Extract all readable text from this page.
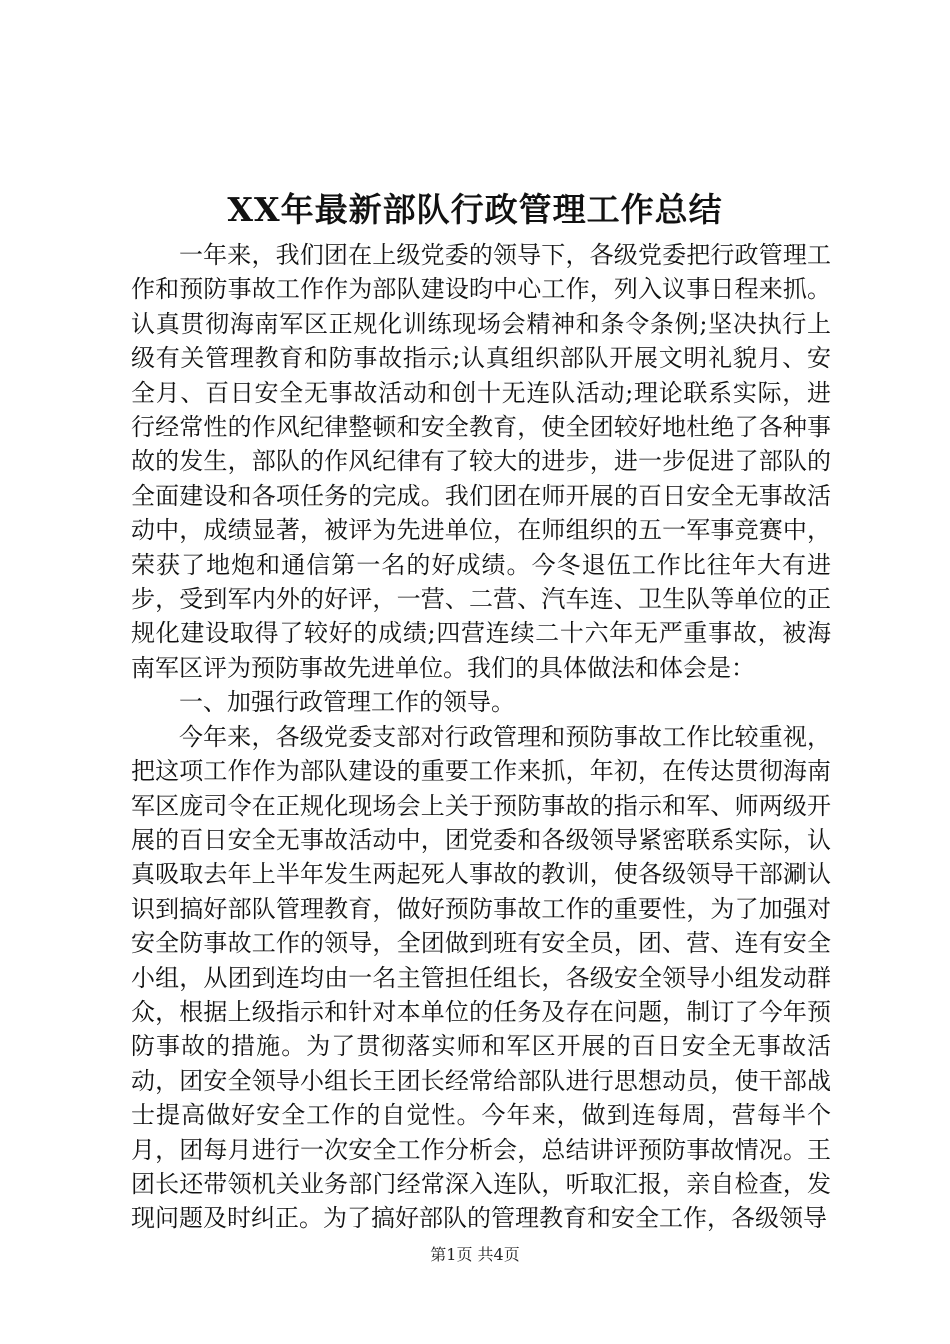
XX年最新部队行政管理工作总结

一年来，我们团在上级党委的领导下，各级党委把行政管理工作和预防事故工作作为部队建设昀中心工作，列入议事日程来抓。认真贯彻海南军区正规化训练现场会精神和条令条例;坚决执行上级有关管理教育和防事故指示;认真组织部队开展文明礼貌月、安全月、百日安全无事故活动和创十无连队活动;理论联系实际，进行经常性的作风纪律整顿和安全教育，使全团较好地杜绝了各种事故的发生，部队的作风纪律有了较大的进步，进一步促进了部队的全面建设和各项任务的完成。我们团在师开展的百日安全无事故活动中，成绩显著，被评为先进单位，在师组织的五一军事竞赛中，荣获了地炮和通信第一名的好成绩。今冬退伍工作比往年大有进步，受到军内外的好评，一营、二营、汽车连、卫生队等单位的正规化建设取得了较好的成绩;四营连续二十六年无严重事故，被海南军区评为预防事故先进单位。我们的具体做法和体会是：

一、加强行政管理工作的领导。

今年来，各级党委支部对行政管理和预防事故工作比较重视，把这项工作作为部队建设的重要工作来抓，年初，在传达贯彻海南军区庞司令在正规化现场会上关于预防事故的指示和军、师两级开展的百日安全无事故活动中，团党委和各级领导紧密联系实际，认真吸取去年上半年发生两起死人事故的教训，使各级领导干部涮认识到搞好部队管理教育，做好预防事故工作的重要性，为了加强对安全防事故工作的领导，全团做到班有安全员，团、营、连有安全小组，从团到连均由一名主管担任组长，各级安全领导小组发动群众，根据上级指示和针对本单位的任务及存在问题，制订了今年预防事故的措施。为了贯彻落实师和军区开展的百日安全无事故活动，团安全领导小组长王团长经常给部队进行思想动员，使干部战士提高做好安全工作的自觉性。今年来，做到连每周，营每半个月，团每月进行一次安全工作分析会，总结讲评预防事故情况。王团长还带领机关业务部门经常深入连队，听取汇报，亲自检查，发现问题及时纠正。为了搞好部队的管理教育和安全工作，各级领导

第1页 共4页
